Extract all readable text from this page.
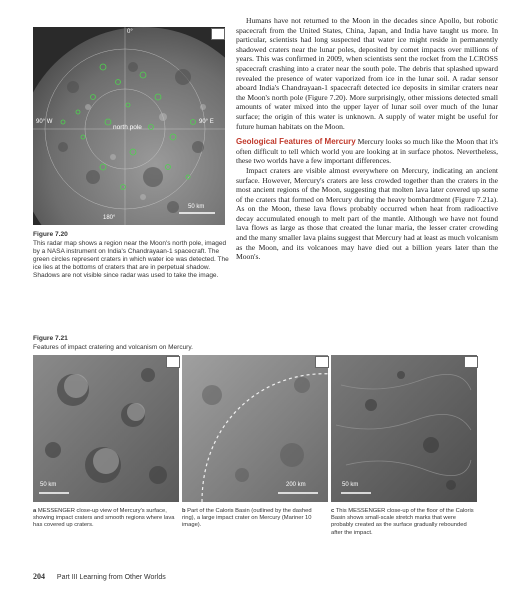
0°
90° W	90° E
180°
north pole
50 km
Figure 7.20
This radar map shows a region near the Moon's north pole, imaged by a NASA instrument on India's Chandrayaan-1 spacecraft. The green circles represent craters in which water ice was detected. The ice lies at the bottoms of craters that are in perpetual shadow. Shadows are not visible since radar was used to take the image.

Humans have not returned to the Moon in the decades since Apollo, but robotic spacecraft from the United States, China, Japan, and India have taught us more. In particular, scientists had long suspected that water ice might reside in permanently shadowed craters near the lunar poles, deposited by comet impacts over millions of years. This was confirmed in 2009, when scientists sent the rocket from the LCROSS spacecraft crashing into a crater near the south pole. The debris that splashed upward revealed the presence of water vaporized from ice in the lunar soil. A radar sensor aboard India's Chandrayaan-1 spacecraft detected ice deposits in similar craters near the Moon's north pole (Figure 7.20). More surprisingly, other missions detected small amounts of water mixed into the upper layer of lunar soil over much of the lunar surface; the origin of this water is unknown. A supply of water might be useful for future human habitats on the Moon.

Geological Features of Mercury Mercury looks so much like the Moon that it's often difficult to tell which world you are looking at in surface photos. Nevertheless, these two worlds have a few important differences.

Impact craters are visible almost everywhere on Mercury, indicating an ancient surface. However, Mercury's craters are less crowded together than the craters in the most ancient regions of the Moon, suggesting that molten lava later covered up some of the craters that formed on Mercury during the heavy bombardment (Figure 7.21a). As on the Moon, these lava flows probably occurred when heat from radioactive decay accumulated enough to melt part of the mantle. Although we have not found lava flows as large as those that created the lunar maria, the lesser crater crowding and the many smaller lava plains suggest that Mercury had at least as much volcanism as the Moon, and its volcanoes may have died out a billion years later than the Moon's.

Figure 7.21
Features of impact cratering and volcanism on Mercury.
50 km	200 km	50 km
a MESSENGER close-up view of Mercury's surface, showing impact craters and smooth regions where lava has covered up craters.
b Part of the Caloris Basin (outlined by the dashed ring), a large impact crater on Mercury (Mariner 10 image).
c This MESSENGER close-up of the floor of the Caloris Basin shows small-scale stretch marks that were probably created as the surface gradually rebounded after the impact.
204 Part III Learning from Other Worlds
